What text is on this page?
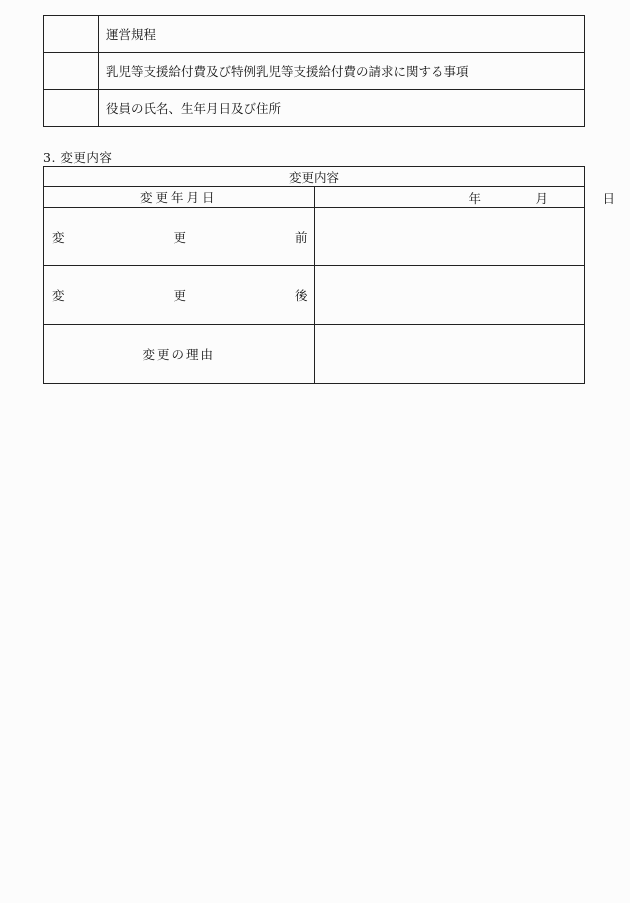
	運営規程
	乳児等支援給付費及び特例乳児等支援給付費の請求に関する事項
	役員の氏名、生年月日及び住所
3. 変更内容
変更内容	

変更年月日	年 月 日

変 更 前	

変 更 後	

変更の理由	
